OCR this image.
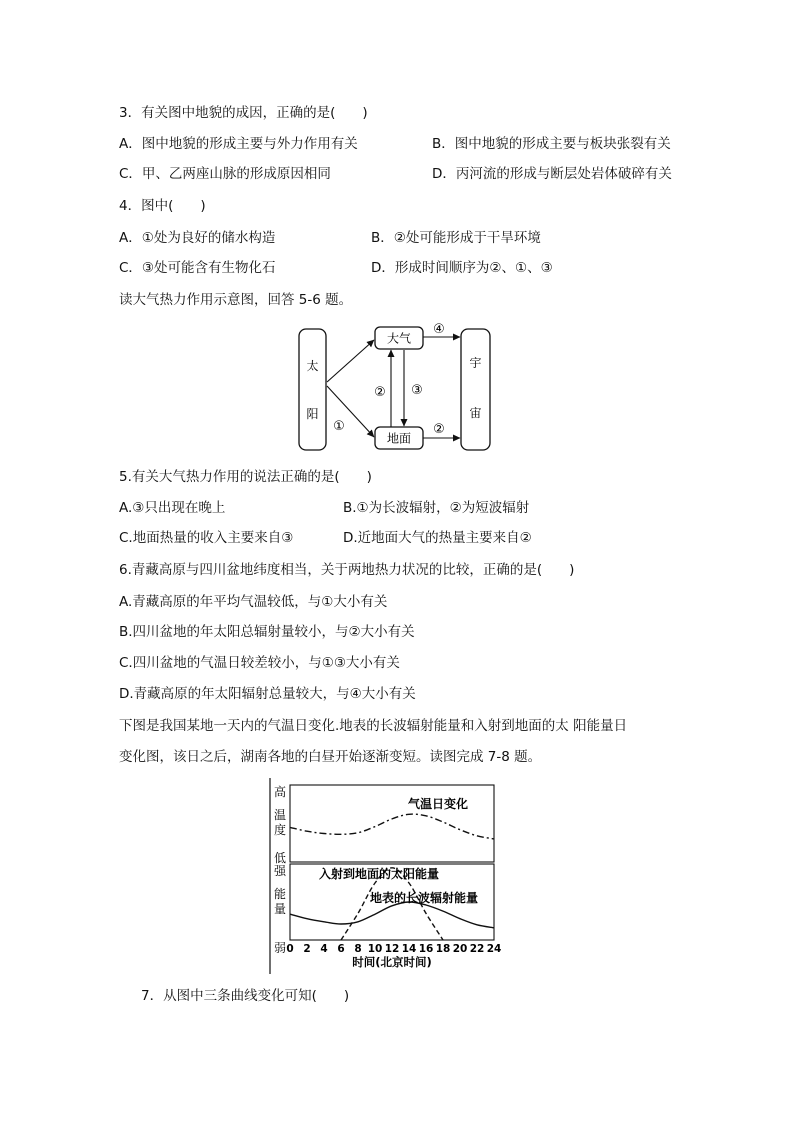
3．有关图中地貌的成因，正确的是(　　)
A．图中地貌的形成主要与外力作用有关	B．图中地貌的形成主要与板块张裂有关
C．甲、乙两座山脉的形成原因相同	D．丙河流的形成与断层处岩体破碎有关
4．图中(　　)
A．①处为良好的储水构造	B．②处可能形成于干旱环境
C．③处可能含有生物化石	D．形成时间顺序为②、①、③
读大气热力作用示意图，回答 5-6 题。
太
阳
宇
宙
大气
地面
①
② ③
④
②
5.有关大气热力作用的说法正确的是(　　)
A.③只出现在晚上	B.①为长波辐射，②为短波辐射
C.地面热量的收入主要来自③	D.近地面大气的热量主要来自②
6.青藏高原与四川盆地纬度相当，关于两地热力状况的比较，正确的是(　　)
A.青藏高原的年平均气温较低，与①大小有关
B.四川盆地的年太阳总辐射量较小，与②大小有关
C.四川盆地的气温日较差较小，与①③大小有关
D.青藏高原的年太阳辐射总量较大，与④大小有关
下图是我国某地一天内的气温日变化.地表的长波辐射能量和入射到地面的太 阳能量日
变化图，该日之后，湖南各地的白昼开始逐渐变短。读图完成 7-8 题。
高
温
度
低
强
能
量
弱
气温日变化
入射到地面的太阳能量
地表的长波辐射能量
0 2 4 6 8 10 12 14 16 18 20 22 24
时间(北京时间)
7．从图中三条曲线变化可知(　　)
